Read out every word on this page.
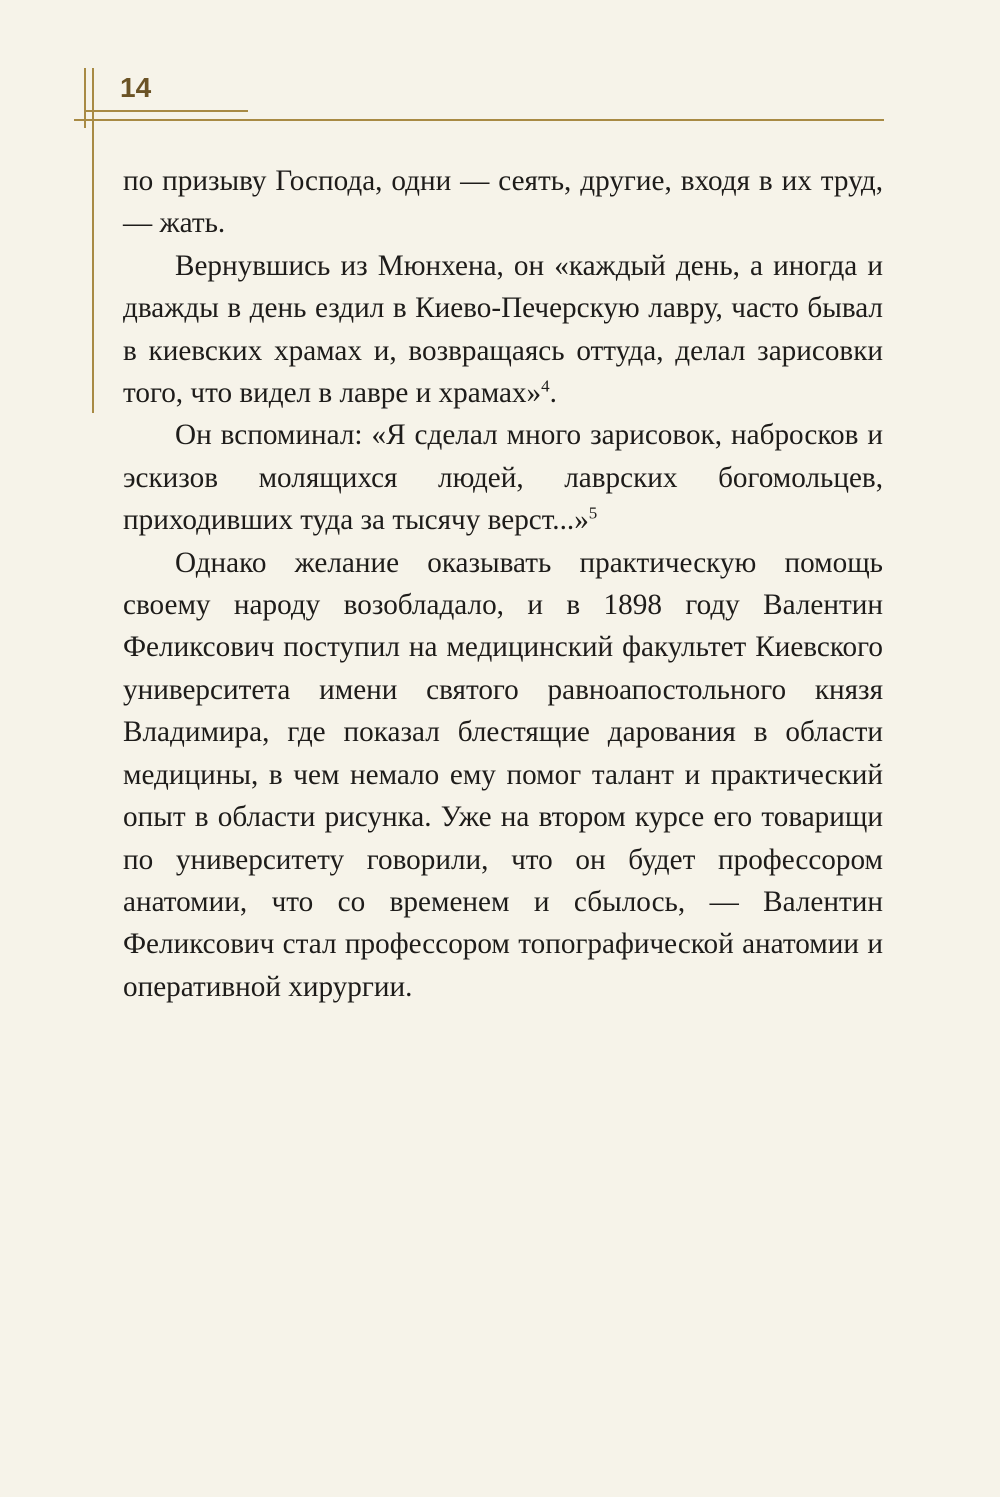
14

по призыву Господа, одни — сеять, другие, входя в их труд, — жать.

Вернувшись из Мюнхена, он «каждый день, а иногда и дважды в день ездил в Киево-Печерскую лавру, часто бывал в киевских храмах и, возвращаясь оттуда, делал зарисовки того, что видел в лавре и храмах»$^4$.

Он вспоминал: «Я сделал много зарисовок, набросков и эскизов молящихся людей, лаврских богомольцев, приходивших туда за тысячу верст...»$^5$

Однако желание оказывать практическую помощь своему народу возобладало, и в 1898 году Валентин Феликсович поступил на медицинский факультет Киевского университета имени святого равноапостольного князя Владимира, где показал блестящие дарования в области медицины, в чем немало ему помог талант и практический опыт в области рисунка. Уже на втором курсе его товарищи по университету говорили, что он будет профессором анатомии, что со временем и сбылось, — Валентин Феликсович стал профессором топографической анатомии и оперативной хирургии.
